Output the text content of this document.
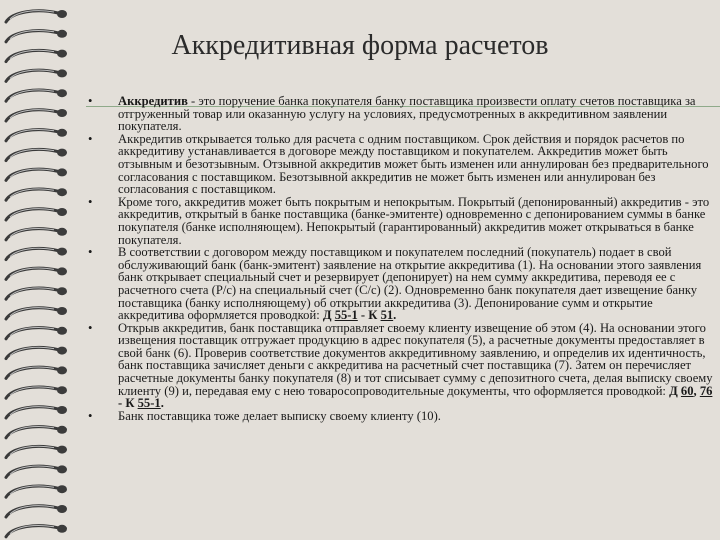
Аккредитивная форма расчетов
•	Аккредитив - это поручение банка покупателя банку поставщика произвести оплату счетов поставщика за отгруженный товар или оказанную услугу на условиях, предусмотренных в аккредитивном заявлении покупателя.
•	Аккредитив открывается только для расчета с одним поставщиком. Срок действия и порядок расчетов по аккредитиву устанавливается в договоре между поставщиком и покупателем. Аккредитив может быть отзывным и безотзывным. Отзывной аккредитив может быть изменен или аннулирован без предварительного согласования с поставщиком. Безотзывной аккредитив не может быть изменен или аннулирован без согласования с поставщиком.
•	Кроме того, аккредитив может быть покрытым и непокрытым. Покрытый (депонированный) аккредитив - это аккредитив, открытый в банке поставщика (банке-эмитенте) одновременно с депонированием суммы в банке покупателя (банке исполняющем). Непокрытый (гарантированный) аккредитив может открываться в банке покупателя.
•	В соответствии с договором между поставщиком и покупателем последний (покупатель) подает в свой обслуживающий банк (банк-эмитент) заявление на открытие аккредитива (1). На основании этого заявления банк открывает специальный счет и резервирует (депонирует) на нем сумму аккредитива, переводя ее с расчетного счета (Р/с) на специальный счет (С/с) (2). Одновременно банк покупателя дает извещение банку поставщика (банку исполняющему) об открытии аккредитива (3). Депонирование сумм и открытие аккредитива оформляется проводкой: Д 55-1 - К 51.
•	Открыв аккредитив, банк поставщика отправляет своему клиенту извещение об этом (4). На основании этого извещения поставщик отгружает продукцию в адрес покупателя (5), а расчетные документы предоставляет в свой банк (6). Проверив соответствие документов аккредитивному заявлению, и определив их идентичность, банк поставщика зачисляет деньги с аккредитива на расчетный счет поставщика (7). Затем он перечисляет расчетные документы банку покупателя (8) и тот списывает сумму с депозитного счета, делая выписку своему клиенту (9) и, передавая ему с нею товаросопроводительные документы, что оформляется проводкой: Д 60, 76 - К 55-1.
•	Банк поставщика тоже делает выписку своему клиенту (10).
